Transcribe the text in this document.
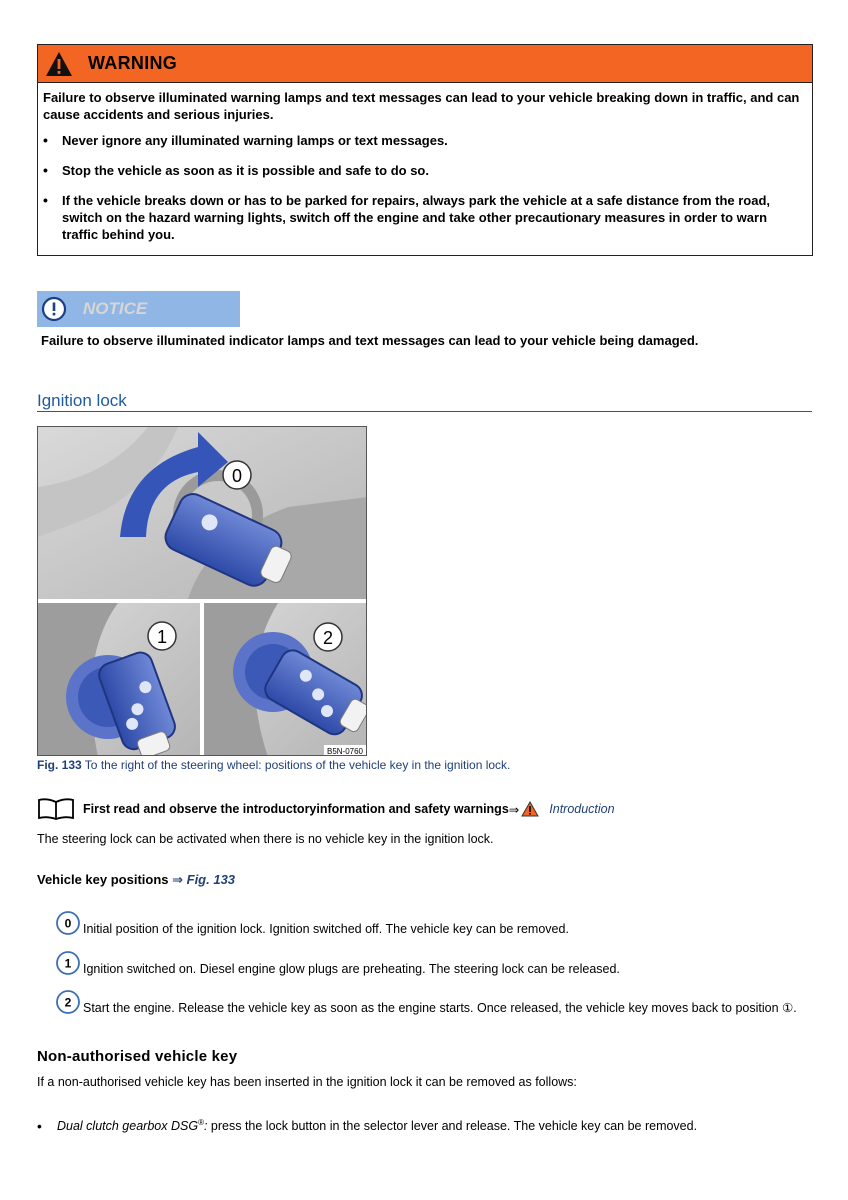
WARNING

Failure to observe illuminated warning lamps and text messages can lead to your vehicle breaking down in traffic, and can cause accidents and serious injuries.

• Never ignore any illuminated warning lamps or text messages.
• Stop the vehicle as soon as it is possible and safe to do so.
• If the vehicle breaks down or has to be parked for repairs, always park the vehicle at a safe distance from the road, switch on the hazard warning lights, switch off the engine and take other precautionary measures in order to warn traffic behind you.
NOTICE

Failure to observe illuminated indicator lamps and text messages can lead to your vehicle being damaged.

Ignition lock
0
1	2
B5N-0760

Fig. 133 To the right of the steering wheel: positions of the vehicle key in the ignition lock.

First read and observe the introductoryinformation and safety warnings ⇒ Introduction

The steering lock can be activated when there is no vehicle key in the ignition lock.

Vehicle key positions ⇒ Fig. 133

0 Initial position of the ignition lock. Ignition switched off. The vehicle key can be removed.
1 Ignition switched on. Diesel engine glow plugs are preheating. The steering lock can be released.
2 Start the engine. Release the vehicle key as soon as the engine starts. Once released, the vehicle key moves back to position ①.
Non-authorised vehicle key

If a non-authorised vehicle key has been inserted in the ignition lock it can be removed as follows:

•	Dual clutch gearbox DSG®: press the lock button in the selector lever and release. The vehicle key can be removed.
